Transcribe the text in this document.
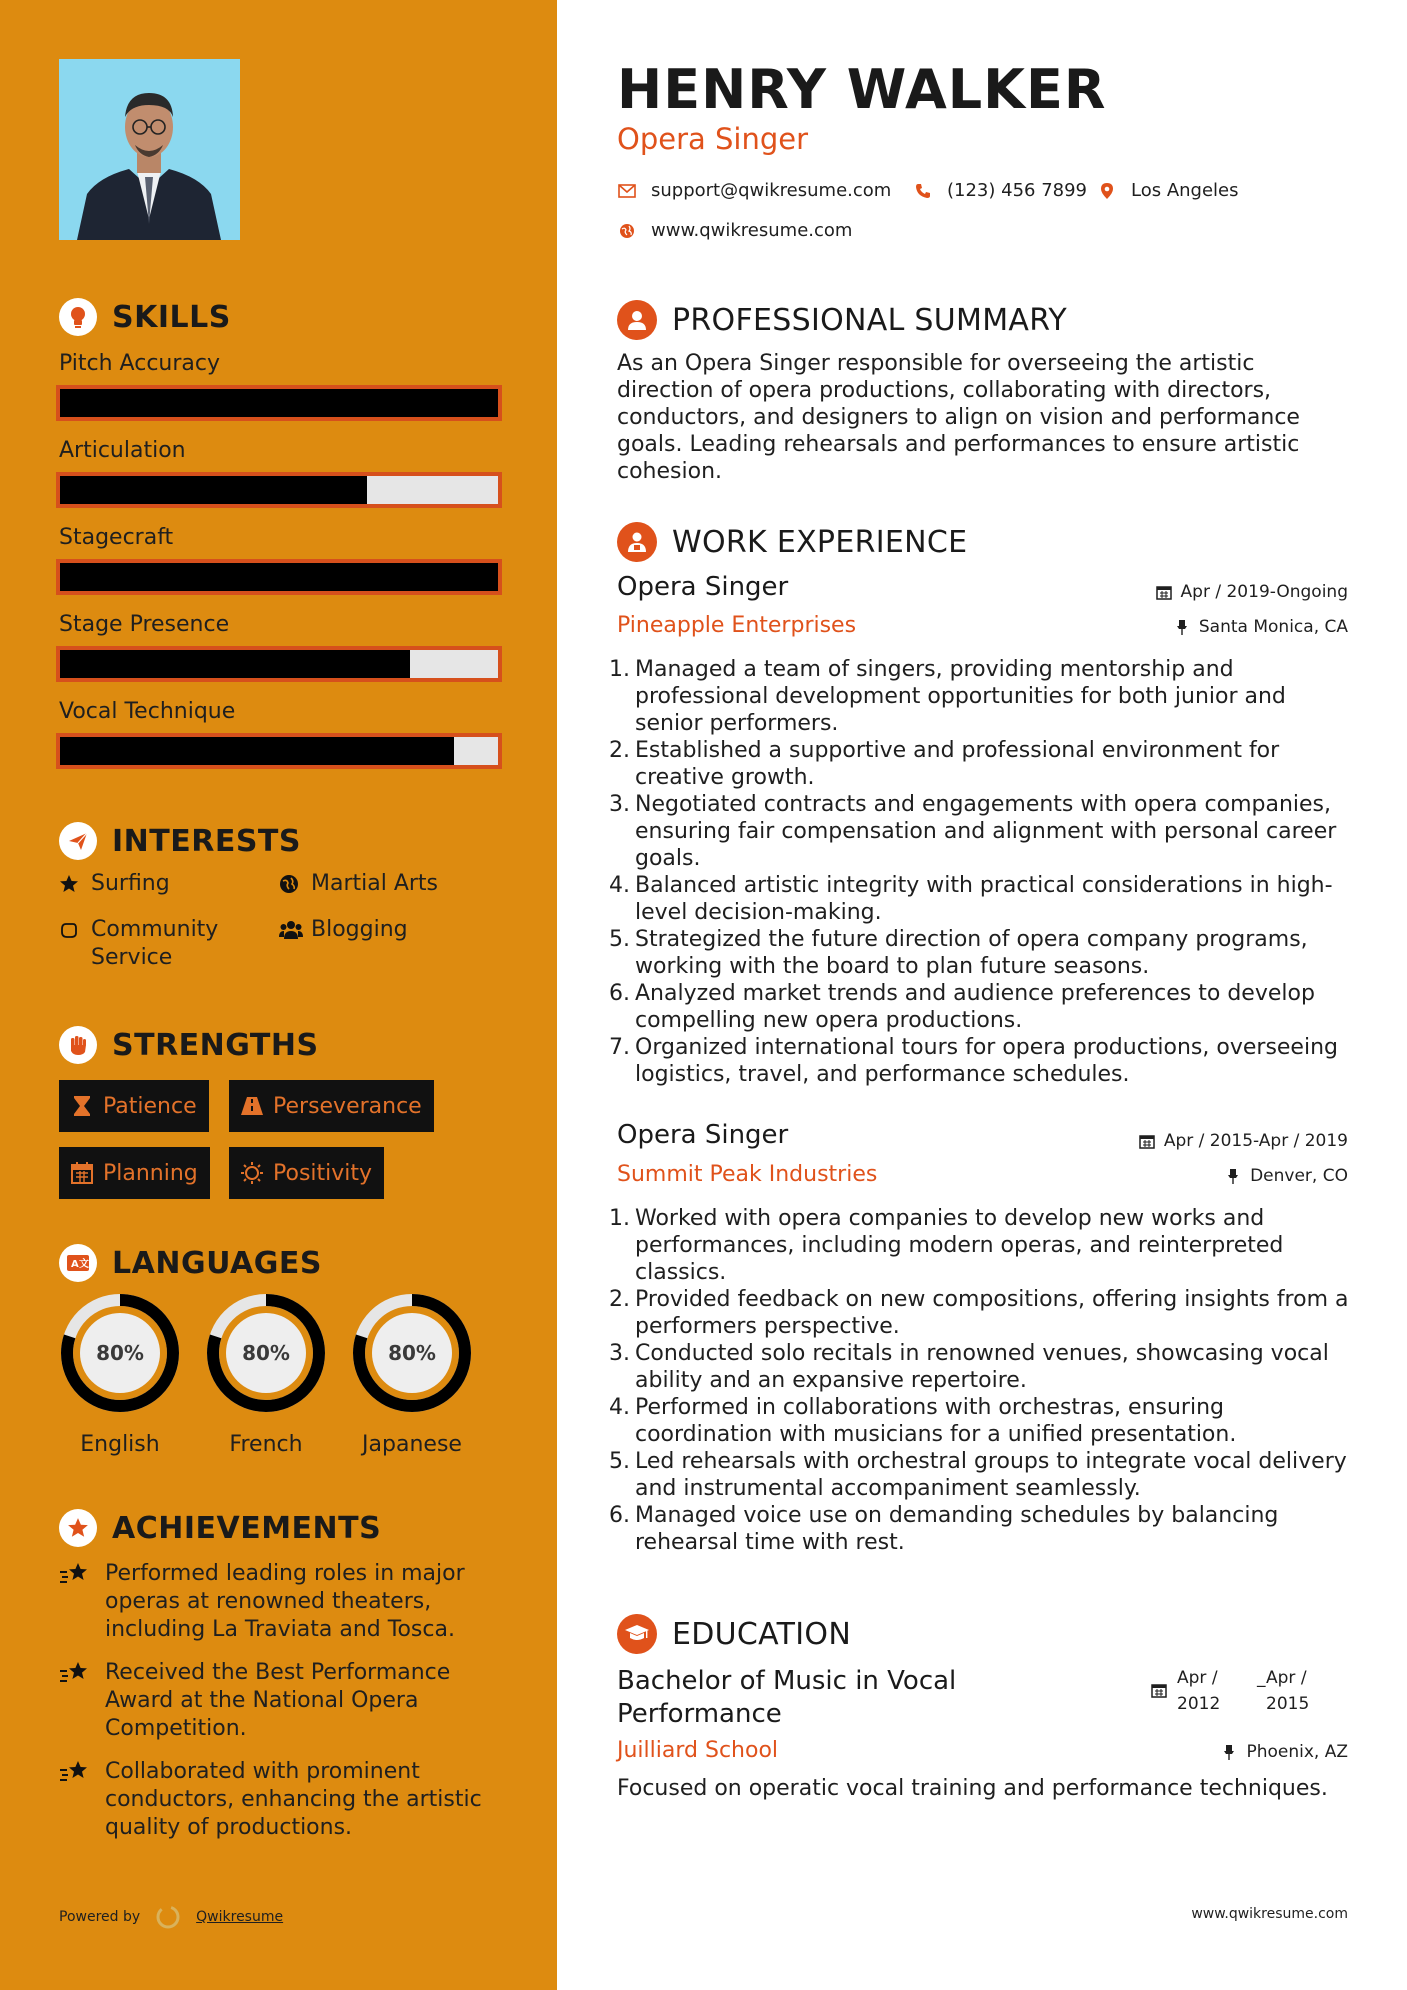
SKILLS
Pitch Accuracy
Articulation
Stagecraft
Stage Presence
Vocal Technique
INTERESTS
Surfing	Martial Arts
Community Service
Blogging
STRENGTHS
Patience	Perseverance
Planning	Positivity
A 文 LANGUAGES
80%
English
80%
French
80%
Japanese
ACHIEVEMENTS
Performed leading roles in major operas at renowned theaters, including La Traviata and Tosca.
Received the Best Performance Award at the National Opera Competition.
Collaborated with prominent conductors, enhancing the artistic quality of productions.
Powered by	Qwikresume
HENRY WALKER
Opera Singer
support@qwikresume.com	(123) 456 7899 Los Angeles
www.qwikresume.com
PROFESSIONAL SUMMARY
As an Opera Singer responsible for overseeing the artistic direction of opera productions, collaborating with directors, conductors, and designers to align on vision and performance goals. Leading rehearsals and performances to ensure artistic cohesion.
WORK EXPERIENCE
Opera Singer	Apr / 2019-Ongoing
Pineapple Enterprises	Santa Monica, CA
1. Managed a team of singers, providing mentorship and professional development opportunities for both junior and senior performers.
2. Established a supportive and professional environment for creative growth.
3. Negotiated contracts and engagements with opera companies, ensuring fair compensation and alignment with personal career goals.
4. Balanced artistic integrity with practical considerations in high-level decision-making.
5. Strategized the future direction of opera company programs, working with the board to plan future seasons.
6. Analyzed market trends and audience preferences to develop compelling new opera productions.
7. Organized international tours for opera productions, overseeing logistics, travel, and performance schedules.
Opera Singer	Apr / 2015-Apr / 2019
Summit Peak Industries	Denver, CO
1. Worked with opera companies to develop new works and performances, including modern operas, and reinterpreted classics.
2. Provided feedback on new compositions, offering insights from a performers perspective.
3. Conducted solo recitals in renowned venues, showcasing vocal ability and an expansive repertoire.
4. Performed in collaborations with orchestras, ensuring coordination with musicians for a unified presentation.
5. Led rehearsals with orchestral groups to integrate vocal delivery and instrumental accompaniment seamlessly.
6. Managed voice use on demanding schedules by balancing rehearsal time with rest.
EDUCATION
Bachelor of Music in Vocal Performance
Apr /
2012
_ Apr /
2015
Juilliard School	Phoenix, AZ
Focused on operatic vocal training and performance techniques.
www.qwikresume.com
